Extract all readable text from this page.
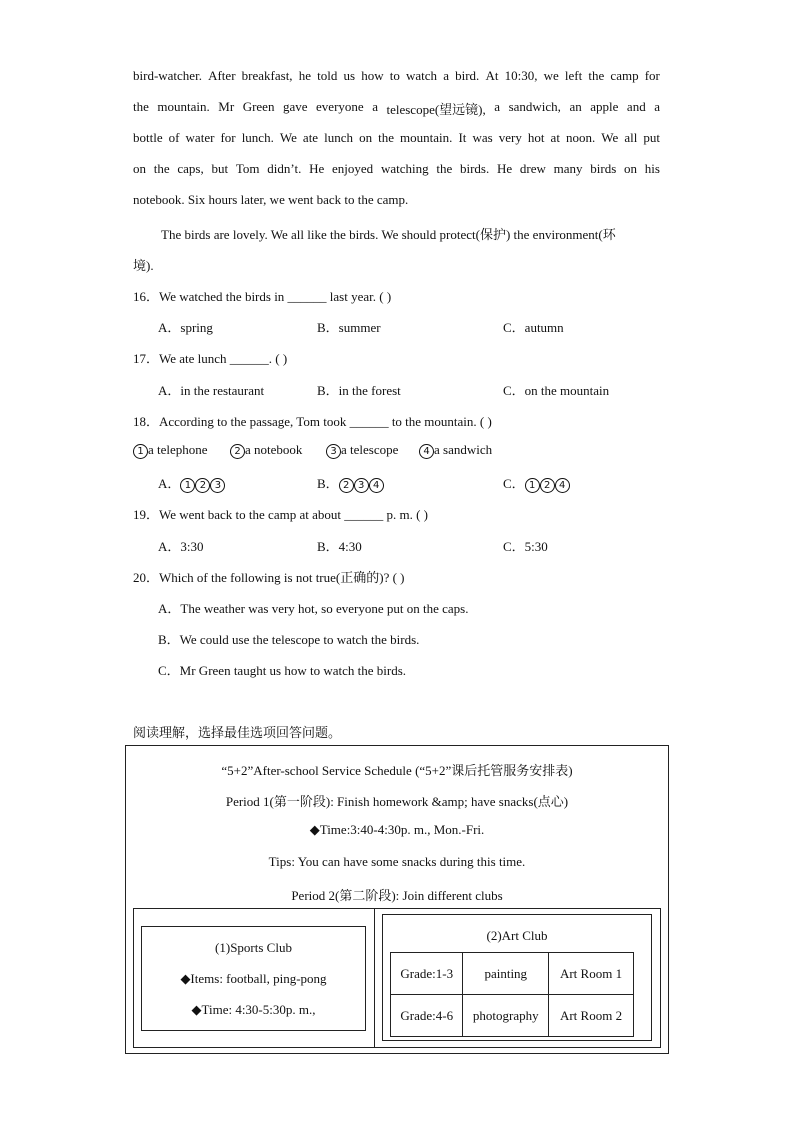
bird-watcher. After breakfast, he told us how to watch a bird. At 10:30, we left the camp for
the mountain. Mr Green gave everyone a telescope(望远镜), a sandwich, an apple and a
bottle of water for lunch. We ate lunch on the mountain. It was very hot at noon. We all put
on the caps, but Tom didn’t. He enjoyed watching the birds. He drew many birds on his
notebook. Six hours later, we went back to the camp.
The birds are lovely. We all like the birds. We should protect(保护) the environment(环
境).
16．We watched the birds in ______ last year. ( )
A．spring	B．summer	C．autumn
17．We ate lunch ______. ( )
A．in the restaurant	B．in the forest	C．on the mountain
18．According to the passage, Tom took ______ to the mountain. ( )
1 a telephone	2 a notebook	3 a telescope	4 a sandwich
A． 1 2 3	B． 2 3 4	C． 1 2 4
19．We went back to the camp at about ______ p. m. ( )
A．3:30	B．4:30	C．5:30
20．Which of the following is not true(正确的)? ( )
A．The weather was very hot, so everyone put on the caps.
B．We could use the telescope to watch the birds.
C．Mr Green taught us how to watch the birds.
阅读理解，选择最佳选项回答问题。
“5+2”After-school Service Schedule (“5+2”课后托管服务安排表)
Period 1(第一阶段): Finish homework &amp; have snacks(点心)
◆Time:3:40-4:30p. m., Mon.-Fri.
Tips: You can have some snacks during this time.
Period 2(第二阶段): Join different clubs
(1)Sports Club
◆Items: football, ping-pong
◆Time: 4:30-5:30p. m.,
(2)Art Club
Grade:1-3	painting	Art Room 1
Grade:4-6	photography	Art Room 2
